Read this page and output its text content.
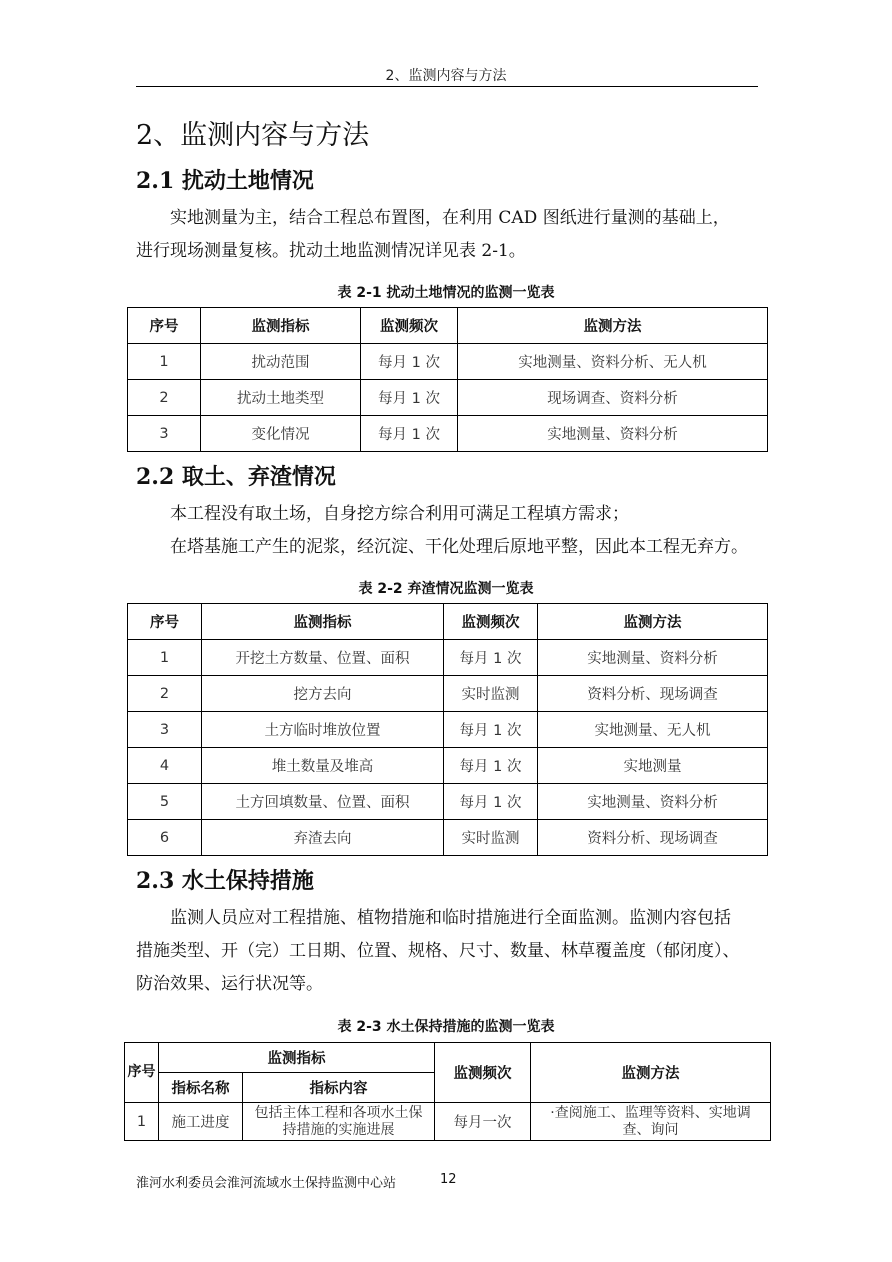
2、监测内容与方法
2、监测内容与方法
2.1 扰动土地情况
实地测量为主，结合工程总布置图，在利用 CAD 图纸进行量测的基础上，
进行现场测量复核。扰动土地监测情况详见表 2-1。
表 2-1 扰动土地情况的监测一览表
序号	监测指标	监测频次	监测方法
1	扰动范围	每月 1 次	实地测量、资料分析、无人机
2	扰动土地类型	每月 1 次	现场调查、资料分析
3	变化情况	每月 1 次	实地测量、资料分析
2.2 取土、弃渣情况
本工程没有取土场，自身挖方综合利用可满足工程填方需求；
在塔基施工产生的泥浆，经沉淀、干化处理后原地平整，因此本工程无弃方。
表 2-2 弃渣情况监测一览表
序号	监测指标	监测频次	监测方法
1	开挖土方数量、位置、面积	每月 1 次	实地测量、资料分析
2	挖方去向	实时监测	资料分析、现场调查
3	土方临时堆放位置	每月 1 次	实地测量、无人机
4	堆土数量及堆高	每月 1 次	实地测量
5	土方回填数量、位置、面积	每月 1 次	实地测量、资料分析
6	弃渣去向	实时监测	资料分析、现场调查
2.3 水土保持措施
监测人员应对工程措施、植物措施和临时措施进行全面监测。监测内容包括
措施类型、开（完）工日期、位置、规格、尺寸、数量、林草覆盖度（郁闭度）、
防治效果、运行状况等。
表 2-3 水土保持措施的监测一览表
序号	监测指标		监测频次	监测方法
	指标名称	指标内容		
1	施工进度	包括主体工程和各项水土保持措施的实施进展	每月一次	·查阅施工、监理等资料、实地调查、询问
淮河水利委员会淮河流域水土保持监测中心站	12
